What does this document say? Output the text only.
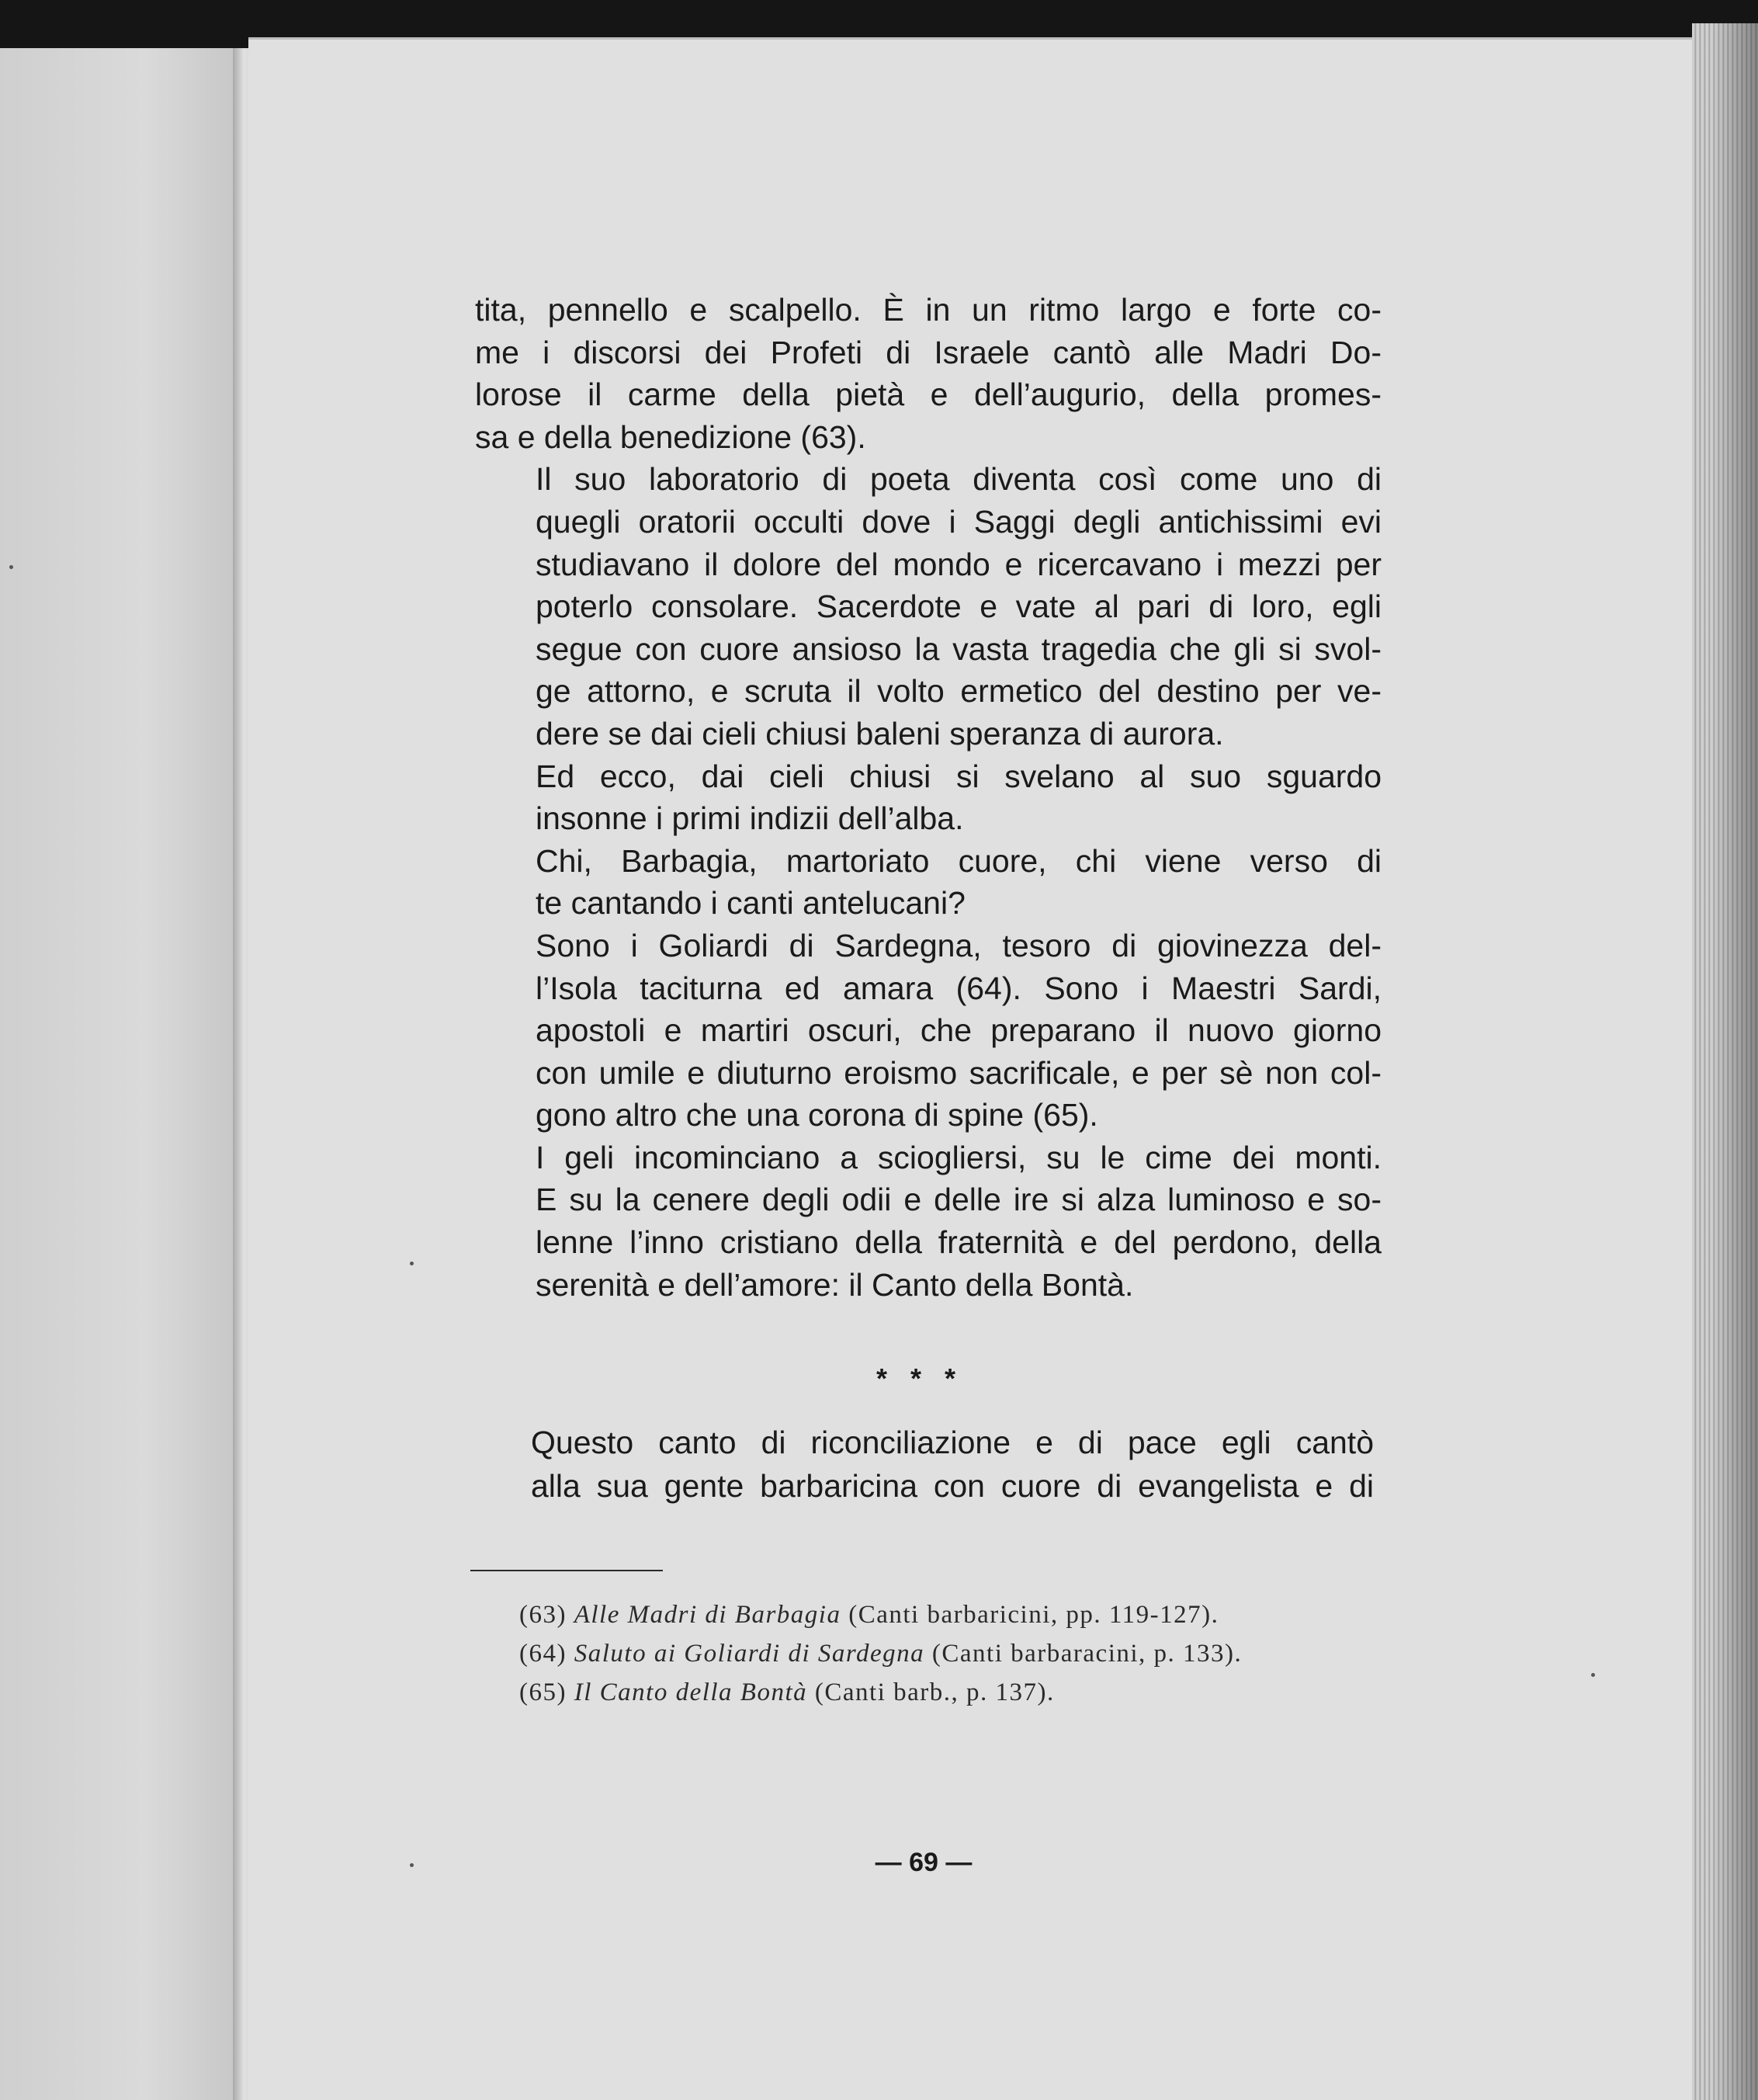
tita, pennello e scalpello. È in un ritmo largo e forte co-
me i discorsi dei Profeti di Israele cantò alle Madri Do-
lorose il carme della pietà e dell’augurio, della promes-
sa e della benedizione (63).

Il suo laboratorio di poeta diventa così come uno di
quegli oratorii occulti dove i Saggi degli antichissimi evi
studiavano il dolore del mondo e ricercavano i mezzi per
poterlo consolare. Sacerdote e vate al pari di loro, egli
segue con cuore ansioso la vasta tragedia che gli si svol-
ge attorno, e scruta il volto ermetico del destino per ve-
dere se dai cieli chiusi baleni speranza di aurora.

Ed ecco, dai cieli chiusi si svelano al suo sguardo
insonne i primi indizii dell’alba.

Chi, Barbagia, martoriato cuore, chi viene verso di
te cantando i canti antelucani?

Sono i Goliardi di Sardegna, tesoro di giovinezza del-
l’Isola taciturna ed amara (64). Sono i Maestri Sardi,
apostoli e martiri oscuri, che preparano il nuovo giorno
con umile e diuturno eroismo sacrificale, e per sè non col-
gono altro che una corona di spine (65).

I geli incominciano a sciogliersi, su le cime dei monti.
E su la cenere degli odii e delle ire si alza luminoso e so-
lenne l’inno cristiano della fraternità e del perdono, della
serenità e dell’amore: il Canto della Bontà.

* * *

Questo canto di riconciliazione e di pace egli cantò
alla sua gente barbaricina con cuore di evangelista e di

(63) Alle Madri di Barbagia (Canti barbaricini, pp. 119-127).

(64) Saluto ai Goliardi di Sardegna (Canti barbaracini, p. 133).

(65) Il Canto della Bontà (Canti barb., p. 137).

— 69 —
